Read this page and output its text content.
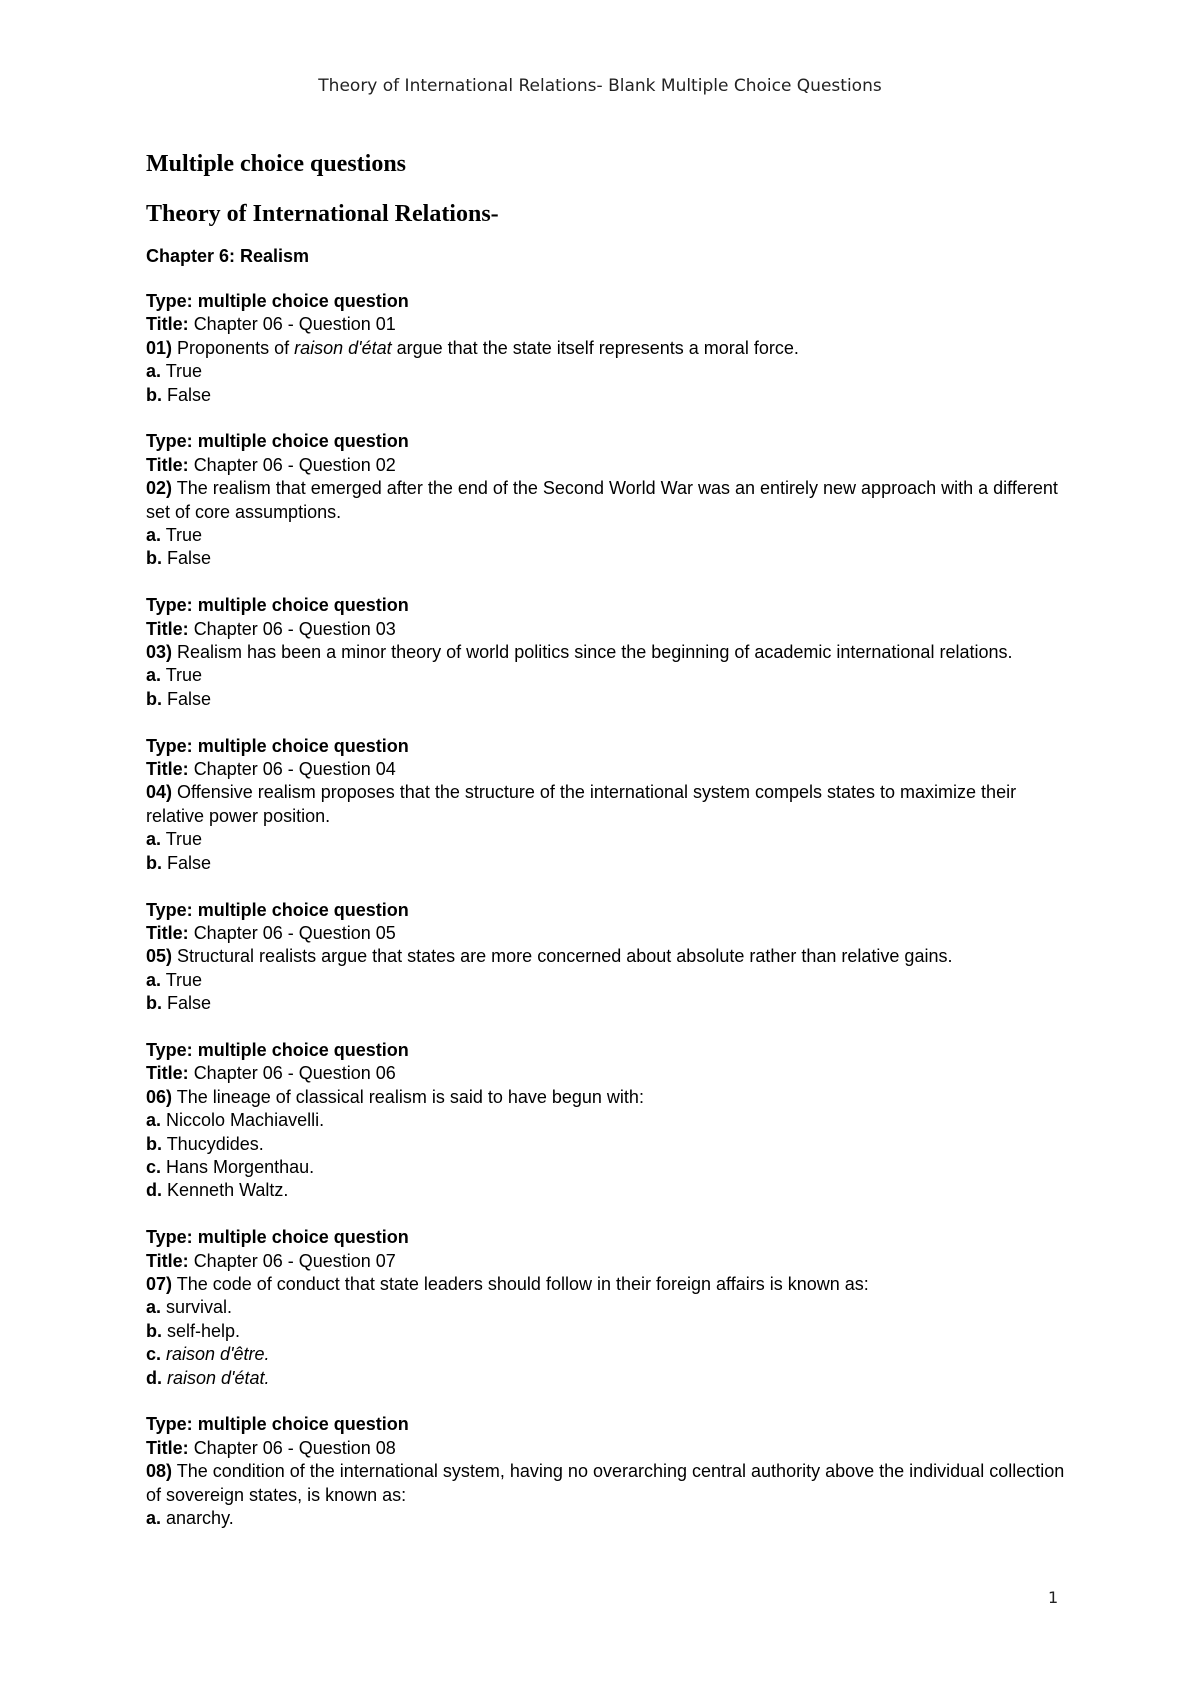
Theory of International Relations- Blank Multiple Choice Questions
Multiple choice questions
Theory of International Relations-
Chapter 6: Realism
Type: multiple choice question
Title: Chapter 06 - Question 01
01) Proponents of raison d'état argue that the state itself represents a moral force.
a. True
b. False
Type: multiple choice question
Title: Chapter 06 - Question 02
02) The realism that emerged after the end of the Second World War was an entirely new approach with a different set of core assumptions.
a. True
b. False
Type: multiple choice question
Title: Chapter 06 - Question 03
03) Realism has been a minor theory of world politics since the beginning of academic international relations.
a. True
b. False
Type: multiple choice question
Title: Chapter 06 - Question 04
04) Offensive realism proposes that the structure of the international system compels states to maximize their relative power position.
a. True
b. False
Type: multiple choice question
Title: Chapter 06 - Question 05
05) Structural realists argue that states are more concerned about absolute rather than relative gains.
a. True
b. False
Type: multiple choice question
Title: Chapter 06 - Question 06
06) The lineage of classical realism is said to have begun with:
a. Niccolo Machiavelli.
b. Thucydides.
c. Hans Morgenthau.
d. Kenneth Waltz.
Type: multiple choice question
Title: Chapter 06 - Question 07
07) The code of conduct that state leaders should follow in their foreign affairs is known as:
a. survival.
b. self-help.
c. raison d'être.
d. raison d'état.
Type: multiple choice question
Title: Chapter 06 - Question 08
08) The condition of the international system, having no overarching central authority above the individual collection of sovereign states, is known as:
a. anarchy.
1
